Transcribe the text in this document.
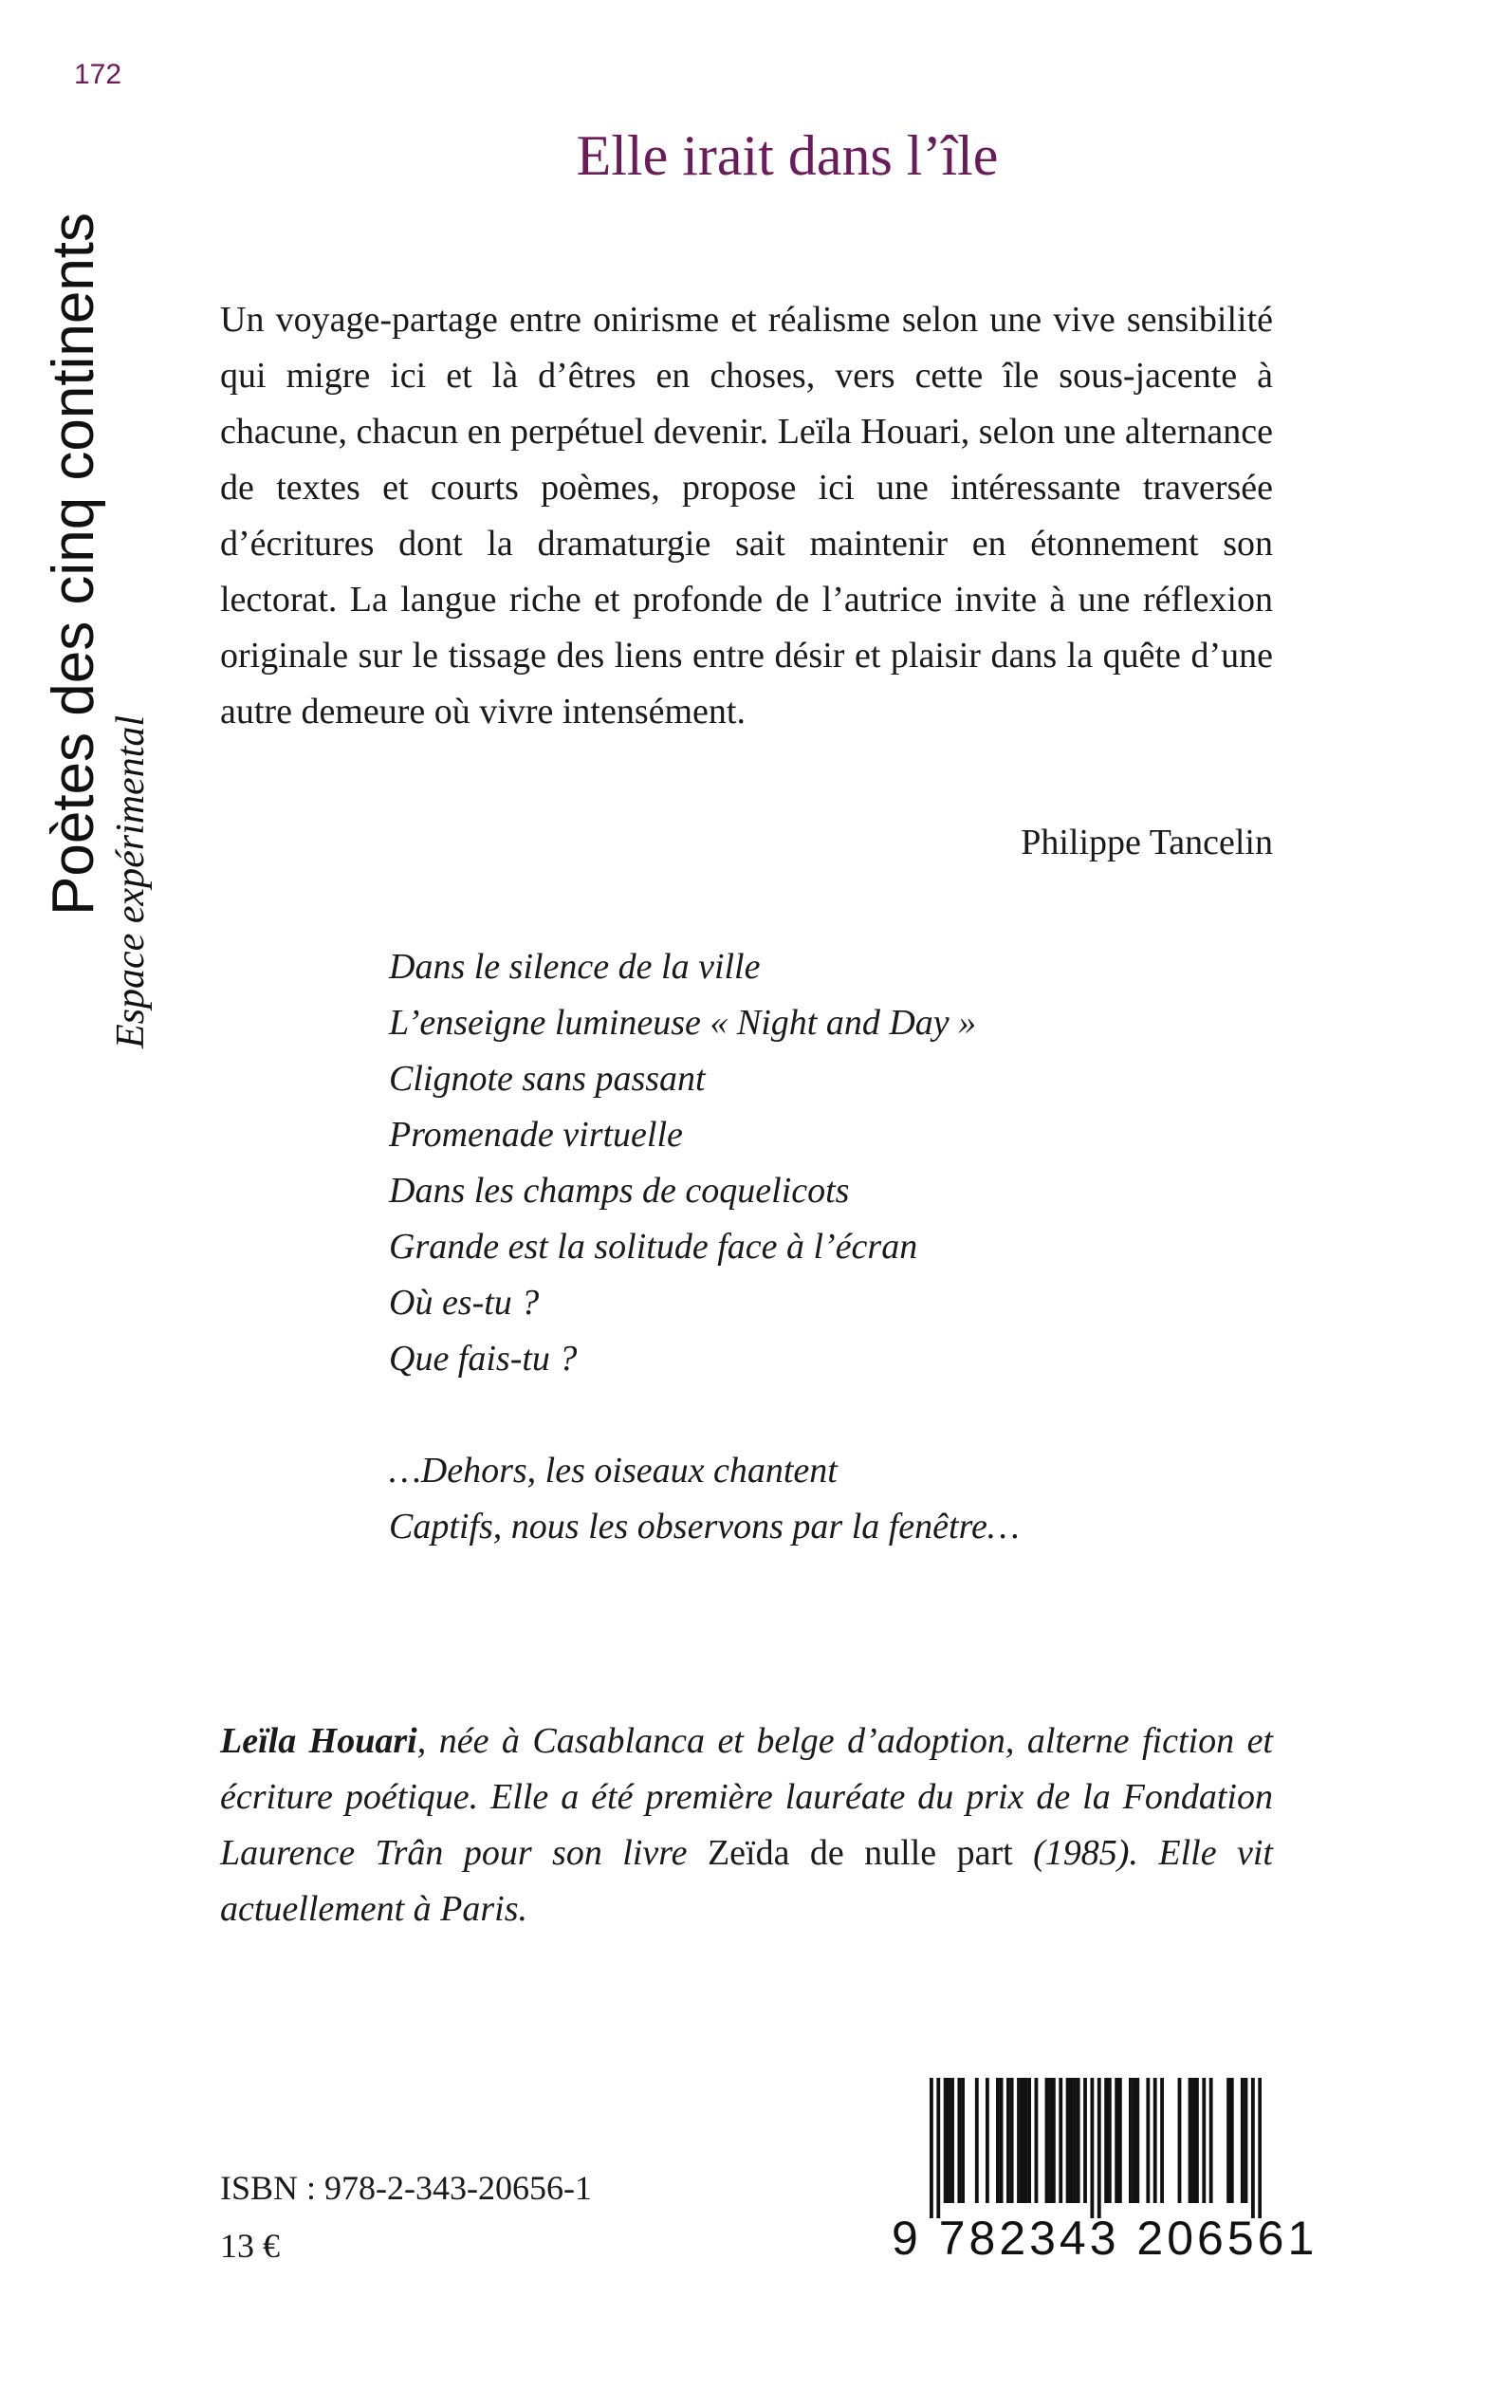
172
Poètes des cinq continents Espace expérimental
Elle irait dans l’île

Un voyage-partage entre onirisme et réalisme selon une vive sensibilité qui migre ici et là d’êtres en choses, vers cette île sous-jacente à chacune, chacun en perpétuel devenir. Leïla Houari, selon une alternance de textes et courts poèmes, propose ici une intéressante traversée d’écritures dont la dramaturgie sait maintenir en étonnement son lectorat. La langue riche et profonde de l’autrice invite à une réflexion originale sur le tissage des liens entre désir et plaisir dans la quête d’une autre demeure où vivre intensément.

Philippe Tancelin
Dans le silence de la ville
L’enseigne lumineuse « Night and Day »
Clignote sans passant
Promenade virtuelle
Dans les champs de coquelicots
Grande est la solitude face à l’écran
Où es-tu ?
Que fais-tu ?
…Dehors, les oiseaux chantent
Captifs, nous les observons par la fenêtre…

Leïla Houari, née à Casablanca et belge d’adoption, alterne fiction et écriture poétique. Elle a été première lauréate du prix de la Fondation Laurence Trân pour son livre Zeïda de nulle part (1985). Elle vit actuellement à Paris.

ISBN : 978-2-343-20656-1
13 €	9 782343 206561
